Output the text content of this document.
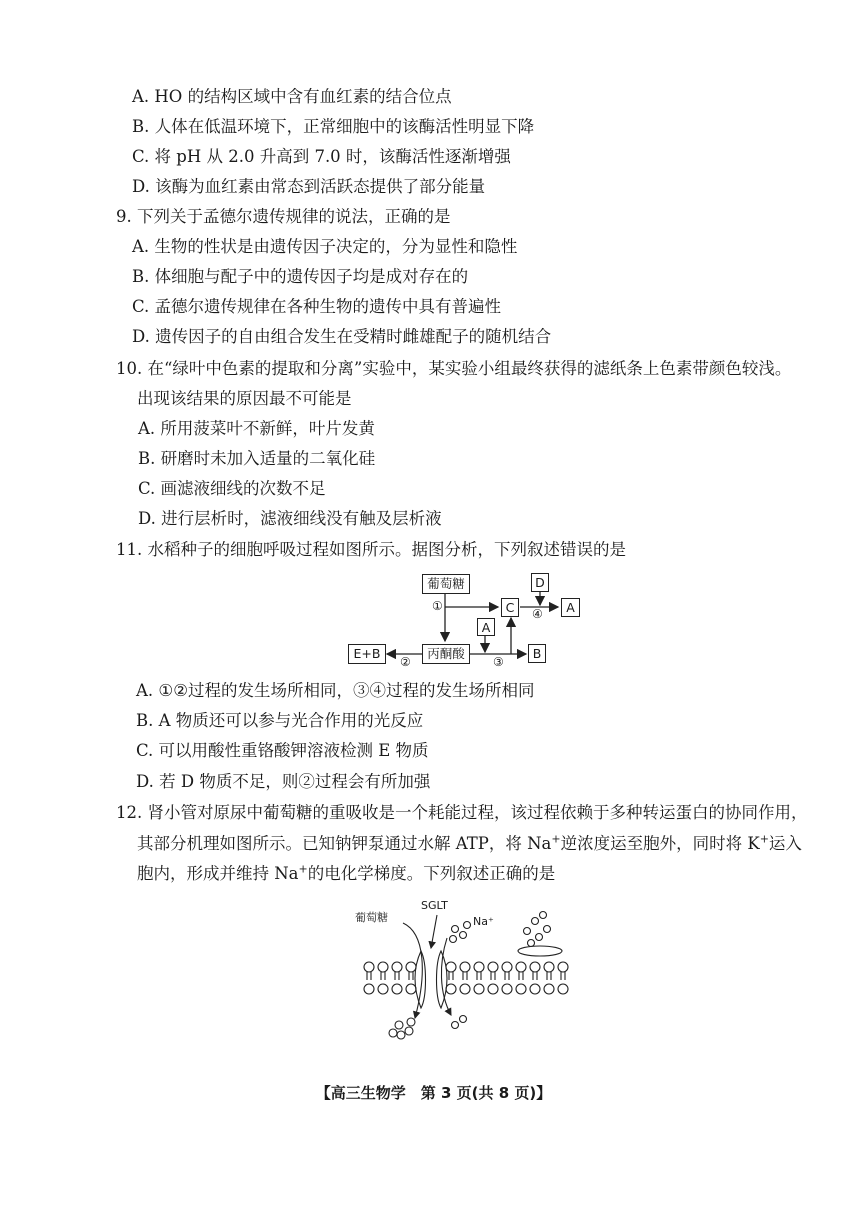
A. HO 的结构区域中含有血红素的结合位点
B. 人体在低温环境下，正常细胞中的该酶活性明显下降
C. 将 pH 从 2.0 升高到 7.0 时，该酶活性逐渐增强
D. 该酶为血红素由常态到活跃态提供了部分能量
9. 下列关于孟德尔遗传规律的说法，正确的是
A. 生物的性状是由遗传因子决定的，分为显性和隐性
B. 体细胞与配子中的遗传因子均是成对存在的
C. 孟德尔遗传规律在各种生物的遗传中具有普遍性
D. 遗传因子的自由组合发生在受精时雌雄配子的随机结合
10. 在“绿叶中色素的提取和分离”实验中，某实验小组最终获得的滤纸条上色素带颜色较浅。
出现该结果的原因最不可能是
A. 所用菠菜叶不新鲜，叶片发黄
B. 研磨时未加入适量的二氧化硅
C. 画滤液细线的次数不足
D. 进行层析时，滤液细线没有触及层析液
11. 水稻种子的细胞呼吸过程如图所示。据图分析，下列叙述错误的是
葡萄糖	D
C	A
A
丙酮酸
E+B	B
①
②	③
④
A. ①②过程的发生场所相同，③④过程的发生场所相同
B. A 物质还可以参与光合作用的光反应
C. 可以用酸性重铬酸钾溶液检测 E 物质
D. 若 D 物质不足，则②过程会有所加强
12. 肾小管对原尿中葡萄糖的重吸收是一个耗能过程，该过程依赖于多种转运蛋白的协同作用，
其部分机理如图所示。已知钠钾泵通过水解 ATP，将 Na+逆浓度运至胞外，同时将 K+运入
胞内，形成并维持 Na+的电化学梯度。下列叙述正确的是
葡萄糖
SGLT
Na⁺
【高三生物学　第 3 页(共 8 页)】
